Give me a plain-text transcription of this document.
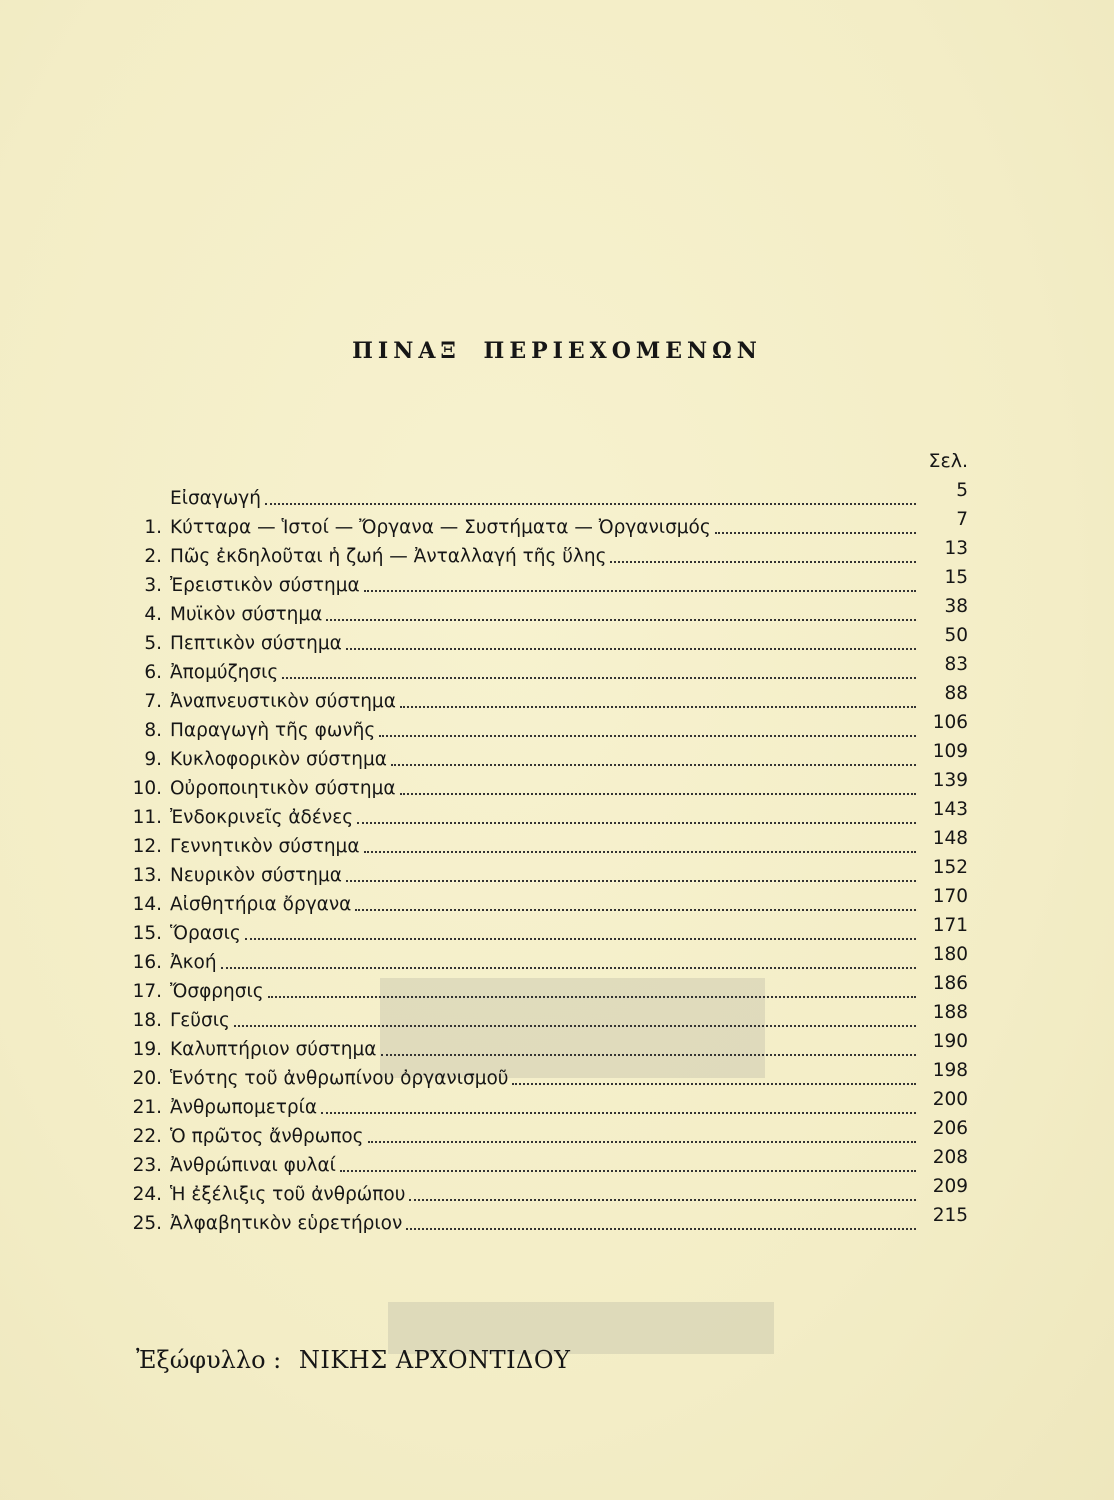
ΠΙΝΑΞ ΠΕΡΙΕΧΟΜΕΝΩΝ
Σελ.
Εἰσαγωγή	5
1. Κύτταρα — Ἱστοί — Ὄργανα — Συστήματα — Ὀργανισμός	7
2. Πῶς ἐκδηλοῦται ἡ ζωή — Ἀνταλλαγή τῆς ὕλης	13
3. Ἐρειστικὸν σύστημα	15
4. Μυϊκὸν σύστημα	38
5. Πεπτικὸν σύστημα	50
6. Ἀπομύζησις	83
7. Ἀναπνευστικὸν σύστημα	88
8. Παραγωγὴ τῆς φωνῆς	106
9. Κυκλοφορικὸν σύστημα	109
10. Οὐροποιητικὸν σύστημα	139
11. Ἐνδοκρινεῖς ἀδένες	143
12. Γεννητικὸν σύστημα	148
13. Νευρικὸν σύστημα	152
14. Αἰσθητήρια ὄργανα	170
15. Ὅρασις	171
16. Ἀκοή	180
17. Ὄσφρησις	186
18. Γεῦσις	188
19. Καλυπτήριον σύστημα	190
20. Ἑνότης τοῦ ἀνθρωπίνου ὀργανισμοῦ	198
21. Ἀνθρωπομετρία	200
22. Ὁ πρῶτος ἄνθρωπος	206
23. Ἀνθρώπιναι φυλαί	208
24. Ἡ ἐξέλιξις τοῦ ἀνθρώπου	209
25. Ἀλφαβητικὸν εὑρετήριον	215
Ἐξώφυλλο : ΝΙΚΗΣ ΑΡΧΟΝΤΙΔΟΥ
